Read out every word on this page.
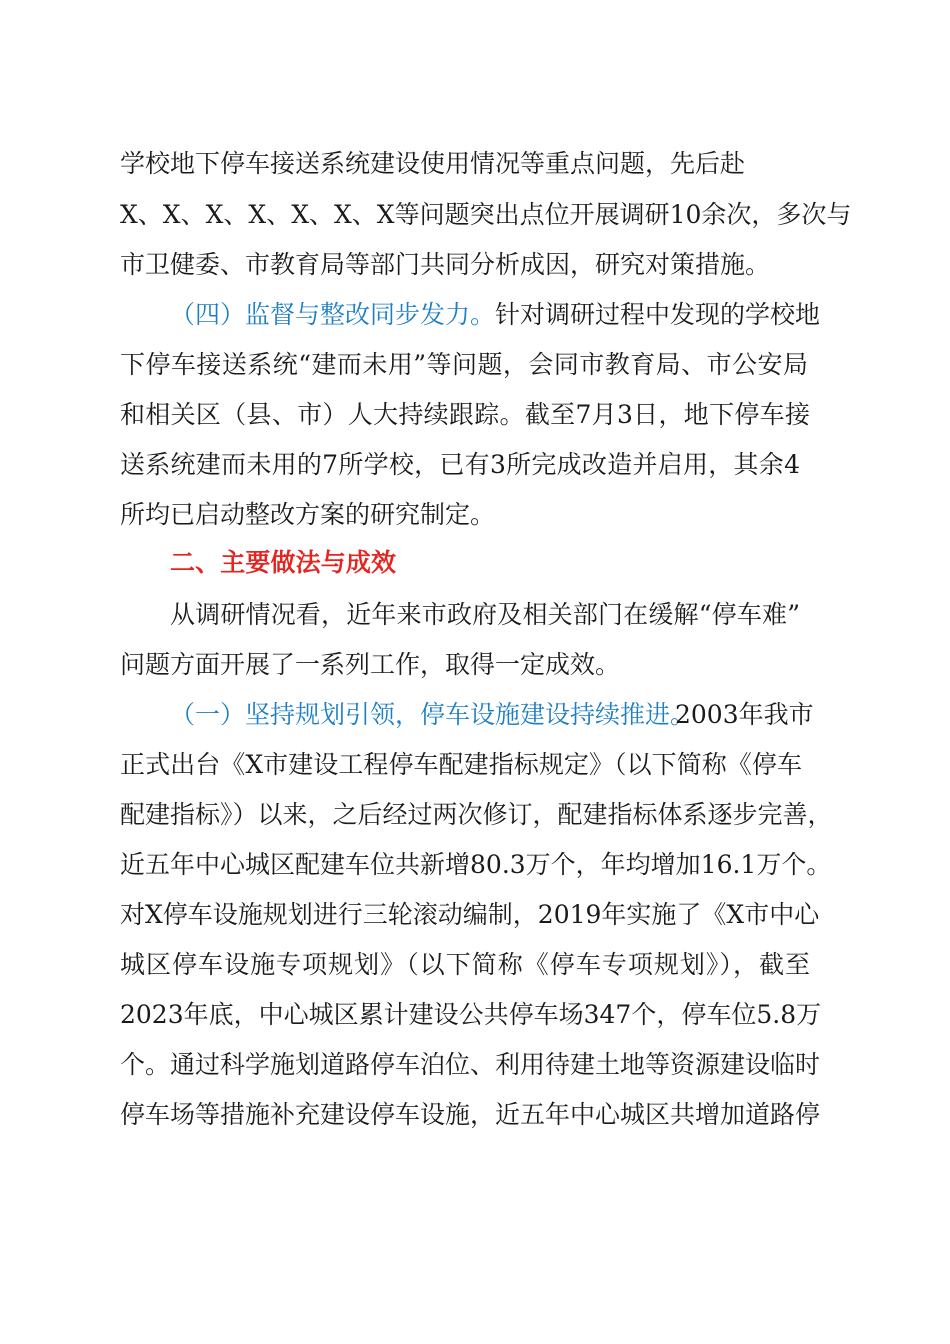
学校地下停车接送系统建设使用情况等重点问题，先后赴
X、X、X、X、X、X、X等问题突出点位开展调研10余次，多次与
市卫健委、市教育局等部门共同分析成因，研究对策措施。
（四）监督与整改同步发力。 针对调研过程中发现的学校地
下停车接送系统“建而未用”等问题，会同市教育局、市公安局
和相关区（县、市）人大持续跟踪。截至7月3日，地下停车接
送系统建而未用的7所学校，已有3所完成改造并启用，其余4
所均已启动整改方案的研究制定。
二、主要做法与成效
从调研情况看，近年来市政府及相关部门在缓解“停车难”
问题方面开展了一系列工作，取得一定成效。
（一）坚持规划引领，停车设施建设持续推进。
2003年我市
正式出台《X市建设工程停车配建指标规定》（以下简称《停车
配建指标》）以来，之后经过两次修订，配建指标体系逐步完善，
近五年中心城区配建车位共新增80.3万个，年均增加16.1万个。
对X停车设施规划进行三轮滚动编制，2019年实施了《X市中心
城区停车设施专项规划》（以下简称《停车专项规划》），截至
2023年底，中心城区累计建设公共停车场347个，停车位5.8万
个。通过科学施划道路停车泊位、利用待建土地等资源建设临时
停车场等措施补充建设停车设施，近五年中心城区共增加道路停
